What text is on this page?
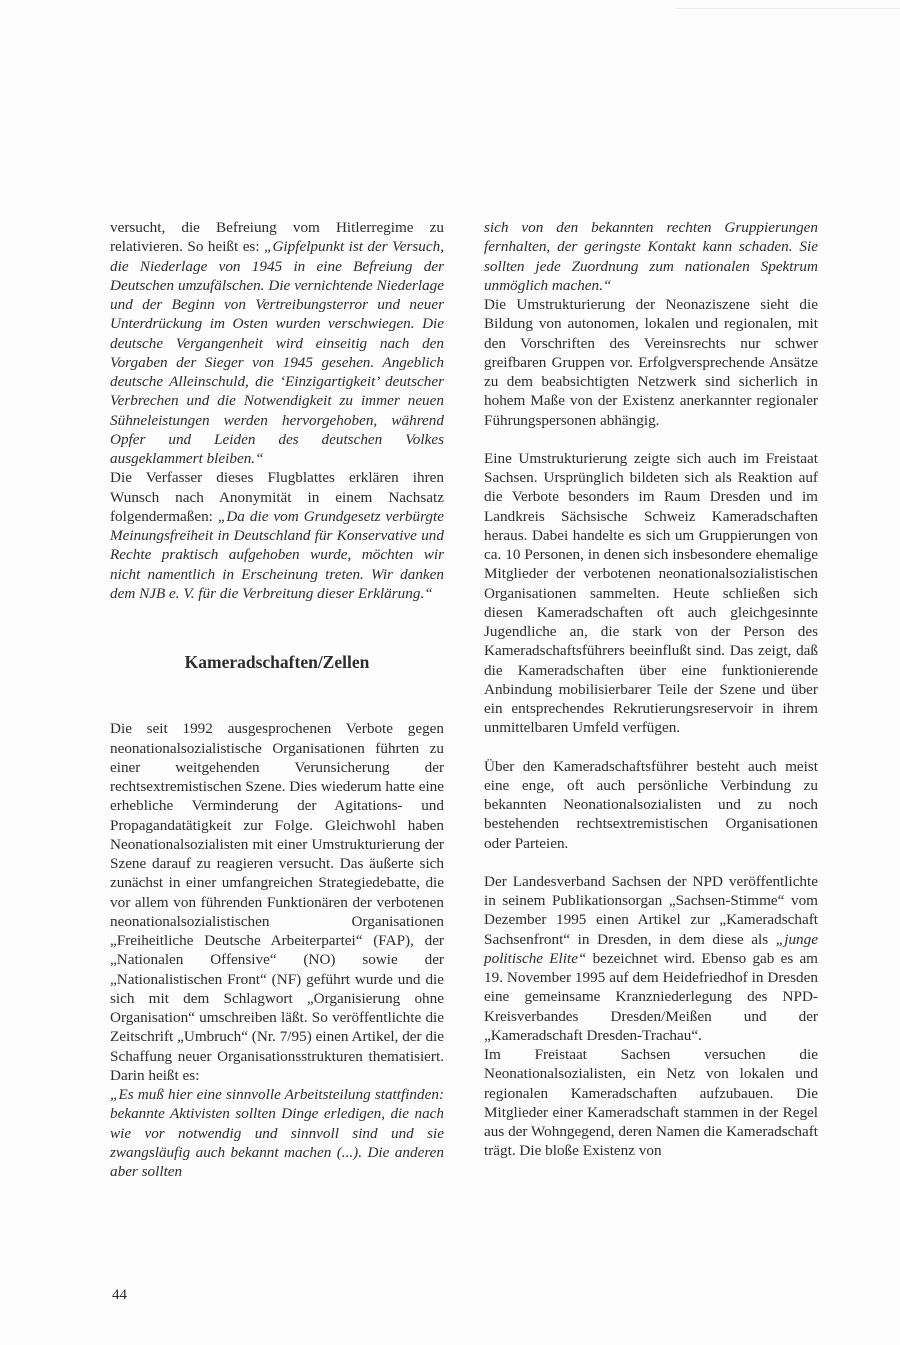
versucht, die Befreiung vom Hitlerregime zu relativieren. So heißt es: „Gipfelpunkt ist der Versuch, die Niederlage von 1945 in eine Befreiung der Deutschen umzufälschen. Die vernichtende Niederlage und der Beginn von Vertreibungsterror und neuer Unterdrückung im Osten wurden verschwiegen. Die deutsche Vergangenheit wird einseitig nach den Vorgaben der Sieger von 1945 gesehen. Angeblich deutsche Alleinschuld, die ‘Einzigartigkeit’ deutscher Verbrechen und die Notwendigkeit zu immer neuen Sühneleistungen werden hervorgehoben, während Opfer und Leiden des deutschen Volkes ausgeklammert bleiben.“

Die Verfasser dieses Flugblattes erklären ihren Wunsch nach Anonymität in einem Nachsatz folgendermaßen: „Da die vom Grundgesetz verbürgte Meinungsfreiheit in Deutschland für Konservative und Rechte praktisch aufgehoben wurde, möchten wir nicht namentlich in Erscheinung treten. Wir danken dem NJB e. V. für die Verbreitung dieser Erklärung.“

Kameradschaften/Zellen

Die seit 1992 ausgesprochenen Verbote gegen neonationalsozialistische Organisationen führten zu einer weitgehenden Verunsicherung der rechtsextremistischen Szene. Dies wiederum hatte eine erhebliche Verminderung der Agitations- und Propagandatätigkeit zur Folge. Gleichwohl haben Neonationalsozialisten mit einer Umstrukturierung der Szene darauf zu reagieren versucht. Das äußerte sich zunächst in einer umfangreichen Strategiedebatte, die vor allem von führenden Funktionären der verbotenen neonationalsozialistischen Organisationen „Freiheitliche Deutsche Arbeiterpartei“ (FAP), der „Nationalen Offensive“ (NO) sowie der „Nationalistischen Front“ (NF) geführt wurde und die sich mit dem Schlagwort „Organisierung ohne Organisation“ umschreiben läßt. So veröffentlichte die Zeitschrift „Umbruch“ (Nr. 7/95) einen Artikel, der die Schaffung neuer Organisationsstrukturen thematisiert. Darin heißt es:

„Es muß hier eine sinnvolle Arbeitsteilung stattfinden: bekannte Aktivisten sollten Dinge erledigen, die nach wie vor notwendig und sinnvoll sind und sie zwangsläufig auch bekannt machen (...). Die anderen aber sollten

sich von den bekannten rechten Gruppierungen fernhalten, der geringste Kontakt kann schaden. Sie sollten jede Zuordnung zum nationalen Spektrum unmöglich machen.“

Die Umstrukturierung der Neonaziszene sieht die Bildung von autonomen, lokalen und regionalen, mit den Vorschriften des Vereinsrechts nur schwer greifbaren Gruppen vor. Erfolgversprechende Ansätze zu dem beabsichtigten Netzwerk sind sicherlich in hohem Maße von der Existenz anerkannter regionaler Führungspersonen abhängig.

Eine Umstrukturierung zeigte sich auch im Freistaat Sachsen. Ursprünglich bildeten sich als Reaktion auf die Verbote besonders im Raum Dresden und im Landkreis Sächsische Schweiz Kameradschaften heraus. Dabei handelte es sich um Gruppierungen von ca. 10 Personen, in denen sich insbesondere ehemalige Mitglieder der verbotenen neonationalsozialistischen Organisationen sammelten. Heute schließen sich diesen Kameradschaften oft auch gleichgesinnte Jugendliche an, die stark von der Person des Kameradschaftsführers beeinflußt sind. Das zeigt, daß die Kameradschaften über eine funktionierende Anbindung mobilisierbarer Teile der Szene und über ein entsprechendes Rekrutierungsreservoir in ihrem unmittelbaren Umfeld verfügen.

Über den Kameradschaftsführer besteht auch meist eine enge, oft auch persönliche Verbindung zu bekannten Neonationalsozialisten und zu noch bestehenden rechtsextremistischen Organisationen oder Parteien.

Der Landesverband Sachsen der NPD veröffentlichte in seinem Publikationsorgan „Sachsen-Stimme“ vom Dezember 1995 einen Artikel zur „Kameradschaft Sachsenfront“ in Dresden, in dem diese als „junge politische Elite“ bezeichnet wird. Ebenso gab es am 19. November 1995 auf dem Heidefriedhof in Dresden eine gemeinsame Kranzniederlegung des NPD-Kreisverbandes Dresden/Meißen und der „Kameradschaft Dresden-Trachau“.

Im Freistaat Sachsen versuchen die Neonationalsozialisten, ein Netz von lokalen und regionalen Kameradschaften aufzubauen. Die Mitglieder einer Kameradschaft stammen in der Regel aus der Wohngegend, deren Namen die Kameradschaft trägt. Die bloße Existenz von

44
